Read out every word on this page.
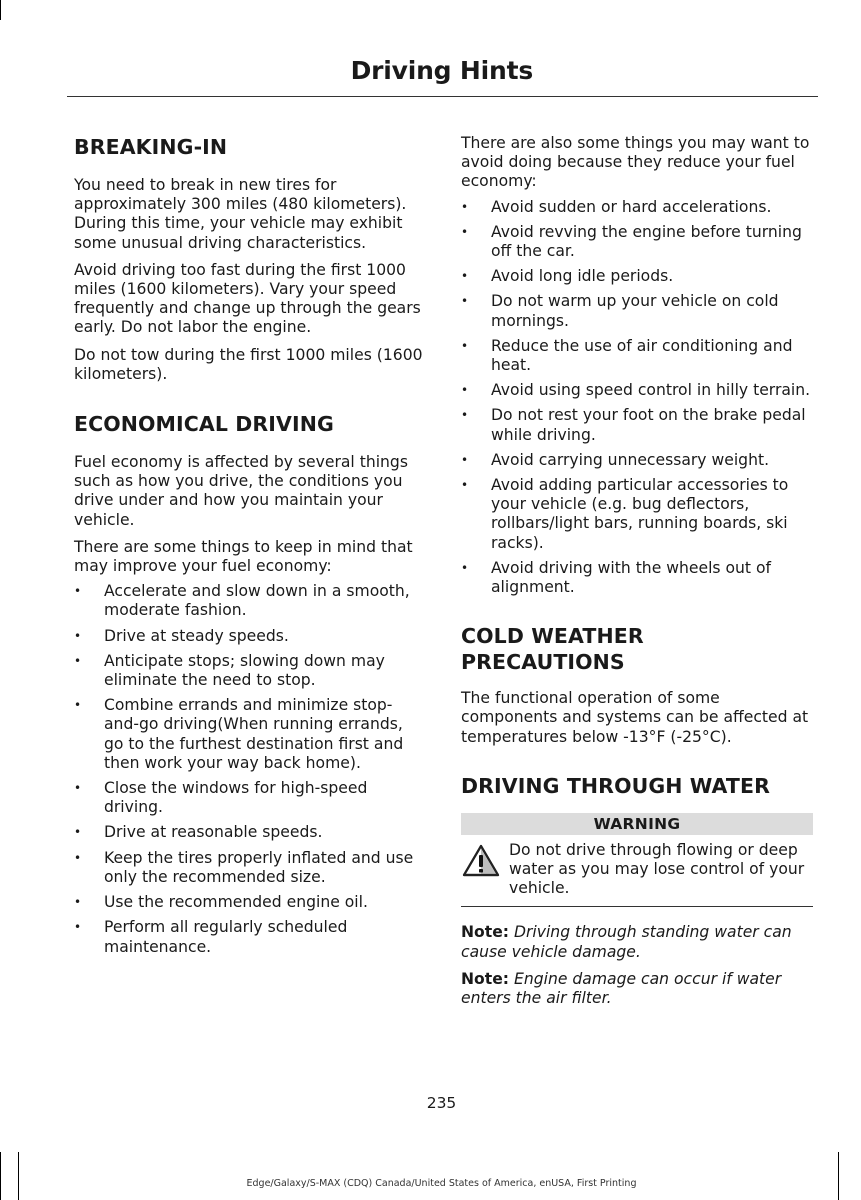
Driving Hints
BREAKING-IN

You need to break in new tires for approximately 300 miles (480 kilometers). During this time, your vehicle may exhibit some unusual driving characteristics.

Avoid driving too fast during the first 1000 miles (1600 kilometers). Vary your speed frequently and change up through the gears early. Do not labor the engine.

Do not tow during the first 1000 miles (1600 kilometers).

ECONOMICAL DRIVING

Fuel economy is affected by several things such as how you drive, the conditions you drive under and how you maintain your vehicle.

There are some things to keep in mind that may improve your fuel economy:

• Accelerate and slow down in a smooth, moderate fashion.
• Drive at steady speeds.
• Anticipate stops; slowing down may eliminate the need to stop.
• Combine errands and minimize stop-and-go driving(When running errands, go to the furthest destination first and then work your way back home).
• Close the windows for high-speed driving.
• Drive at reasonable speeds.
• Keep the tires properly inflated and use only the recommended size.
• Use the recommended engine oil.
• Perform all regularly scheduled maintenance.

There are also some things you may want to avoid doing because they reduce your fuel economy:

• Avoid sudden or hard accelerations.
• Avoid revving the engine before turning off the car.
• Avoid long idle periods.
• Do not warm up your vehicle on cold mornings.
• Reduce the use of air conditioning and heat.
• Avoid using speed control in hilly terrain.
• Do not rest your foot on the brake pedal while driving.
• Avoid carrying unnecessary weight.
• Avoid adding particular accessories to your vehicle (e.g. bug deflectors, rollbars/light bars, running boards, ski racks).
• Avoid driving with the wheels out of alignment.
COLD WEATHER
PRECAUTIONS

The functional operation of some components and systems can be affected at temperatures below -13°F (-25°C).

DRIVING THROUGH WATER
WARNING
Do not drive through flowing or deep water as you may lose control of your vehicle.

Note: Driving through standing water can cause vehicle damage.

Note: Engine damage can occur if water enters the air filter.

235
Edge/Galaxy/S-MAX (CDQ) Canada/United States of America, enUSA, First Printing
